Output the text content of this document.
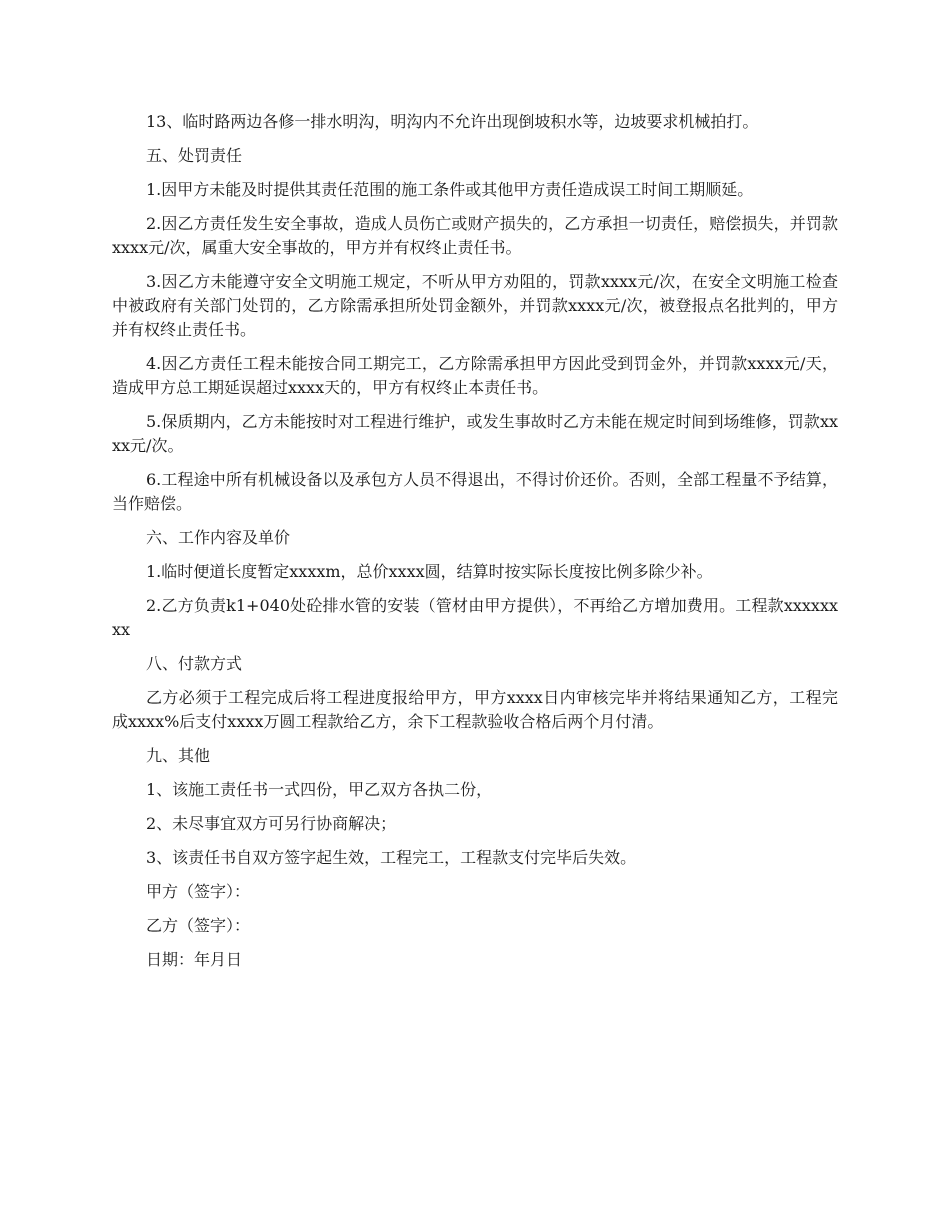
13、临时路两边各修一排水明沟，明沟内不允许出现倒坡积水等，边坡要求机械拍打。

五、处罚责任

1.因甲方未能及时提供其责任范围的施工条件或其他甲方责任造成误工时间工期顺延。

2.因乙方责任发生安全事故，造成人员伤亡或财产损失的，乙方承担一切责任，赔偿损失，并罚款xxxx元/次，属重大安全事故的，甲方并有权终止责任书。

3.因乙方未能遵守安全文明施工规定，不听从甲方劝阻的，罚款xxxx元/次，在安全文明施工检查中被政府有关部门处罚的，乙方除需承担所处罚金额外，并罚款xxxx元/次，被登报点名批判的，甲方并有权终止责任书。

4.因乙方责任工程未能按合同工期完工，乙方除需承担甲方因此受到罚金外，并罚款xxxx元/天，造成甲方总工期延误超过xxxx天的，甲方有权终止本责任书。

5.保质期内，乙方未能按时对工程进行维护，或发生事故时乙方未能在规定时间到场维修，罚款xxxx元/次。

6.工程途中所有机械设备以及承包方人员不得退出，不得讨价还价。否则，全部工程量不予结算，当作赔偿。

六、工作内容及单价

1.临时便道长度暂定xxxxm，总价xxxx圆，结算时按实际长度按比例多除少补。

2.乙方负责k1+040处砼排水管的安装（管材由甲方提供），不再给乙方增加费用。工程款xxxxxxxx

八、付款方式

乙方必须于工程完成后将工程进度报给甲方，甲方xxxx日内审核完毕并将结果通知乙方，工程完成xxxx%后支付xxxx万圆工程款给乙方，余下工程款验收合格后两个月付清。

九、其他

1、该施工责任书一式四份，甲乙双方各执二份，

2、未尽事宜双方可另行协商解决；

3、该责任书自双方签字起生效，工程完工，工程款支付完毕后失效。

甲方（签字）：

乙方（签字）：

日期：年月日
